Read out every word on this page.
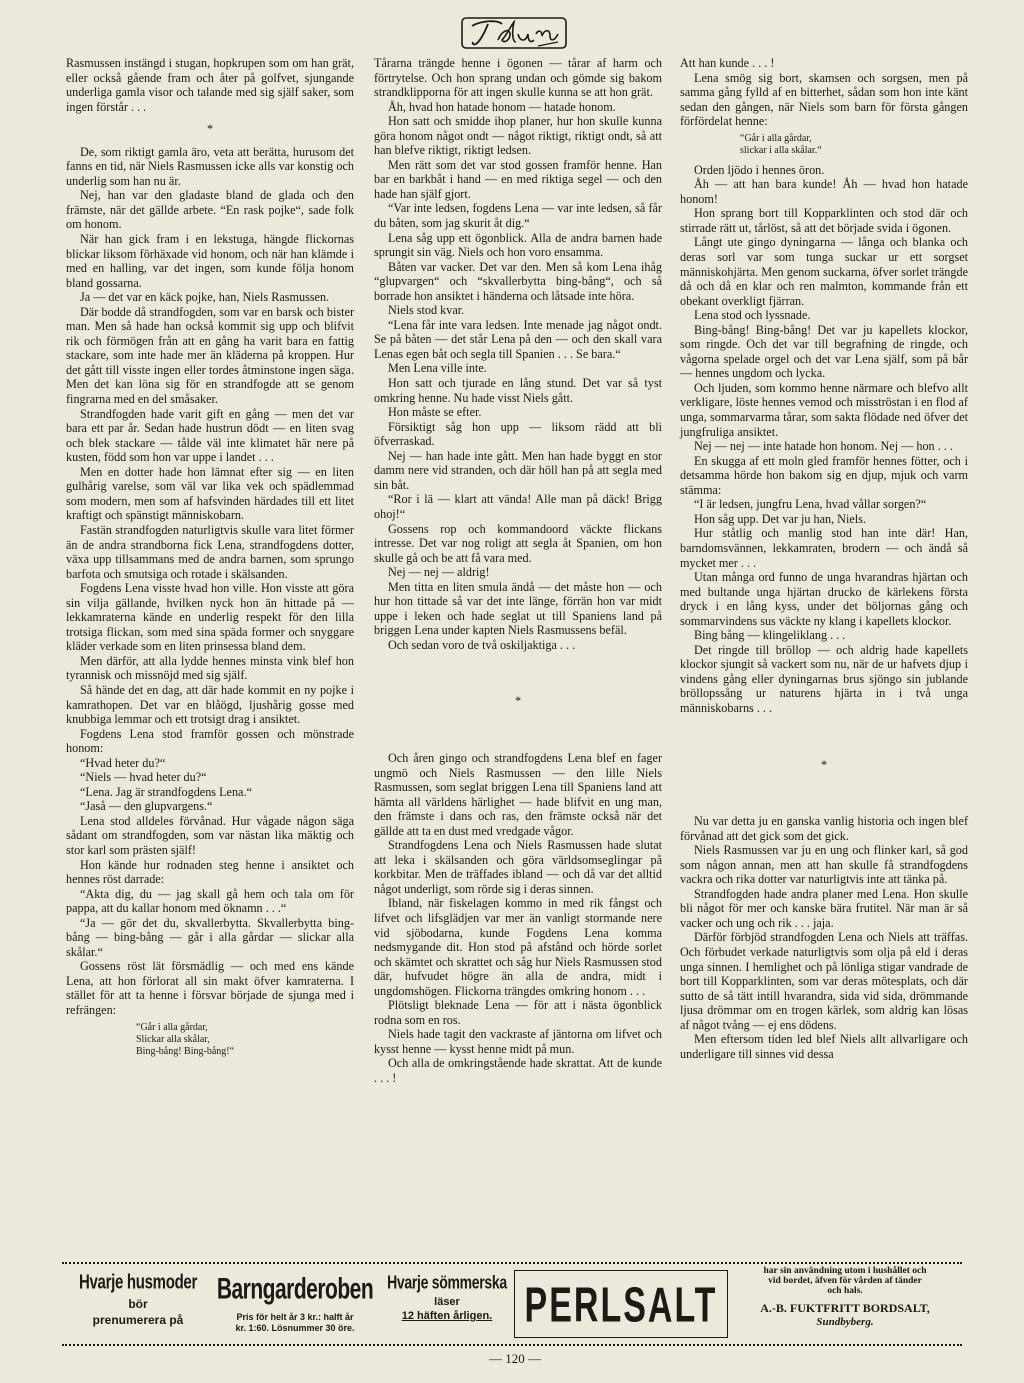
Rasmussen instängd i stugan, hopkrupen som om han grät, eller också gående fram och åter på golfvet, sjungande underliga gamla visor och talande med sig själf saker, som ingen förstår . . .

*

De, som riktigt gamla äro, veta att berätta, hurusom det fanns en tid, när Niels Rasmussen icke alls var konstig och underlig som han nu är.

Nej, han var den gladaste bland de glada och den främste, när det gällde arbete. “En rask pojke“, sade folk om honom.

När han gick fram i en lekstuga, hängde flickornas blickar liksom förhäxade vid honom, och när han klämde i med en halling, var det ingen, som kunde följa honom bland gossarna.

Ja — det var en käck pojke, han, Niels Rasmussen.

Där bodde då strandfogden, som var en barsk och bister man. Men så hade han också kommit sig upp och blifvit rik och förmögen från att en gång ha varit bara en fattig stackare, som inte hade mer än kläderna på kroppen. Hur det gått till visste ingen eller tordes åtminstone ingen säga. Men det kan löna sig för en strandfogde att se genom fingrarna med en del småsaker.

Strandfogden hade varit gift en gång — men det var bara ett par år. Sedan hade hustrun dödt — en liten svag och blek stackare — tålde väl inte klimatet här nere på kusten, född som hon var uppe i landet . . .

Men en dotter hade hon lämnat efter sig — en liten gulhårig varelse, som väl var lika vek och spädlemmad som modern, men som af hafsvinden härdades till ett litet kraftigt och spänstigt människobarn.

Fastän strandfogden naturligtvis skulle vara litet förmer än de andra strandborna fick Lena, strandfogdens dotter, växa upp tillsammans med de andra barnen, som sprungo barfota och smutsiga och rotade i skälsanden.

Fogdens Lena visste hvad hon ville. Hon visste att göra sin vilja gällande, hvilken nyck hon än hittade på — lekkamraterna kände en underlig respekt för den lilla trotsiga flickan, som med sina späda former och snyggare kläder verkade som en liten prinsessa bland dem.

Men därför, att alla lydde hennes minsta vink blef hon tyrannisk och missnöjd med sig själf.

Så hände det en dag, att där hade kommit en ny pojke i kamrathopen. Det var en blåögd, ljushårig gosse med knubbiga lemmar och ett trotsigt drag i ansiktet.

Fogdens Lena stod framför gossen och mönstrade honom:

“Hvad heter du?“

“Niels — hvad heter du?“

“Lena. Jag är strandfogdens Lena.“

“Jaså — den glupvargens.“

Lena stod alldeles förvånad. Hur vågade någon säga sådant om strandfogden, som var nästan lika mäktig och stor karl som prästen själf!

Hon kände hur rodnaden steg henne i ansiktet och hennes röst darrade:

“Akta dig, du — jag skall gå hem och tala om för pappa, att du kallar honom med öknamn . . .“

“Ja — gör det du, skvallerbytta. Skvallerbytta bing-bång — bing-bång — går i alla gårdar — slickar alla skålar.“

Gossens röst lät försmädlig — och med ens kände Lena, att hon förlorat all sin makt öfver kamraterna. I stället för att ta henne i försvar började de sjunga med i refrängen:

“Går i alla gårdar,
Slickar alla skålar,
Bing-bång! Bing-bång!“

Tårarna trängde henne i ögonen — tårar af harm och förtrytelse. Och hon sprang undan och gömde sig bakom strandklipporna för att ingen skulle kunna se att hon grät.

Åh, hvad hon hatade honom — hatade honom.

Hon satt och smidde ihop planer, hur hon skulle kunna göra honom något ondt — något riktigt, riktigt ondt, så att han blefve riktigt, riktigt ledsen.

Men rätt som det var stod gossen framför henne. Han bar en barkbåt i hand — en med riktiga segel — och den hade han själf gjort.

“Var inte ledsen, fogdens Lena — var inte ledsen, så får du båten, som jag skurit åt dig.“

Lena såg upp ett ögonblick. Alla de andra barnen hade sprungit sin väg. Niels och hon voro ensamma.

Båten var vacker. Det var den. Men så kom Lena ihåg “glupvargen“ och “skvallerbytta bing-bång“, och så borrade hon ansiktet i händerna och låtsade inte höra.

Niels stod kvar.

“Lena får inte vara ledsen. Inte menade jag något ondt. Se på båten — det står Lena på den — och den skall vara Lenas egen båt och segla till Spanien . . . Se bara.“

Men Lena ville inte.

Hon satt och tjurade en lång stund. Det var så tyst omkring henne. Nu hade visst Niels gått.

Hon måste se efter.

Försiktigt såg hon upp — liksom rädd att bli öfverraskad.

Nej — han hade inte gått. Men han hade byggt en stor damm nere vid stranden, och där höll han på att segla med sin båt.

“Ror i lä — klart att vända! Alle man på däck! Brigg ohoj!“

Gossens rop och kommandoord väckte flickans intresse. Det var nog roligt att segla åt Spanien, om hon skulle gå och be att få vara med.

Nej — nej — aldrig!

Men titta en liten smula ändå — det måste hon — och hur hon tittade så var det inte länge, förrän hon var midt uppe i leken och hade seglat ut till Spaniens land på briggen Lena under kapten Niels Rasmussens befäl.

Och sedan voro de två oskiljaktiga . . .

*

Och åren gingo och strandfogdens Lena blef en fager ungmö och Niels Rasmussen — den lille Niels Rasmussen, som seglat briggen Lena till Spaniens land att hämta all världens härlighet — hade blifvit en ung man, den främste i dans och ras, den främste också när det gällde att ta en dust med vredgade vågor.

Strandfogdens Lena och Niels Rasmussen hade slutat att leka i skälsanden och göra världsomseglingar på korkbitar. Men de träffades ibland — och då var det alltid något underligt, som rörde sig i deras sinnen.

Ibland, när fiskelagen kommo in med rik fångst och lifvet och lifsglädjen var mer än vanligt stormande nere vid sjöbodarna, kunde Fogdens Lena komma nedsmygande dit. Hon stod på afstånd och hörde sorlet och skämtet och skrattet och såg hur Niels Rasmussen stod där, hufvudet högre än alla de andra, midt i ungdomshögen. Flickorna trängdes omkring honom . . .

Plötsligt bleknade Lena — för att i nästa ögonblick rodna som en ros.

Niels hade tagit den vackraste af jäntorna om lifvet och kysst henne — kysst henne midt på mun.

Och alla de omkringstående hade skrattat. Att de kunde . . . !

Att han kunde . . . !

Lena smög sig bort, skamsen och sorgsen, men på samma gång fylld af en bitterhet, sådan som hon inte känt sedan den gången, när Niels som barn för första gången förfördelat henne:

“Går i alla gårdar,
slickar i alla skålar.“

Orden ljödo i hennes öron.

Åh — att han bara kunde! Åh — hvad hon hatade honom!

Hon sprang bort till Kopparklinten och stod där och stirrade rätt ut, tårlöst, så att det började svida i ögonen.

Långt ute gingo dyningarna — långa och blanka och deras sorl var som tunga suckar ur ett sorgset människohjärta. Men genom suckarna, öfver sorlet trängde då och då en klar och ren malmton, kommande från ett obekant overkligt fjärran.

Lena stod och lyssnade.

Bing-bång! Bing-bång! Det var ju kapellets klockor, som ringde. Och det var till begrafning de ringde, och vågorna spelade orgel och det var Lena själf, som på bår — hennes ungdom och lycka.

Och ljuden, som kommo henne närmare och blefvo allt verkligare, löste hennes vemod och misströstan i en flod af unga, sommarvarma tårar, som sakta flödade ned öfver det jungfruliga ansiktet.

Nej — nej — inte hatade hon honom. Nej — hon . . .

En skugga af ett moln gled framför hennes fötter, och i detsamma hörde hon bakom sig en djup, mjuk och varm stämma:

“I är ledsen, jungfru Lena, hvad vållar sorgen?“

Hon såg upp. Det var ju han, Niels.

Hur ståtlig och manlig stod han inte där! Han, barndomsvännen, lekkamraten, brodern — och ändå så mycket mer . . .

Utan många ord funno de unga hvarandras hjärtan och med bultande unga hjärtan drucko de kärlekens första dryck i en lång kyss, under det böljornas gång och sommarvindens sus väckte ny klang i kapellets klockor.

Bing bång — klingeliklang . . .

Det ringde till bröllop — och aldrig hade kapellets klockor sjungit så vackert som nu, när de ur hafvets djup i vindens gång eller dyningarnas brus sjöngo sin jublande bröllopssång ur naturens hjärta in i två unga människobarns . . .

*

Nu var detta ju en ganska vanlig historia och ingen blef förvånad att det gick som det gick.

Niels Rasmussen var ju en ung och flinker karl, så god som någon annan, men att han skulle få strandfogdens vackra och rika dotter var naturligtvis inte att tänka på.

Strandfogden hade andra planer med Lena. Hon skulle bli något för mer och kanske bära frutitel. När man är så vacker och ung och rik . . . jaja.

Därför förbjöd strandfogden Lena och Niels att träffas. Och förbudet verkade naturligtvis som olja på eld i deras unga sinnen. I hemlighet och på lönliga stigar vandrade de bort till Kopparklinten, som var deras mötesplats, och där sutto de så tätt intill hvarandra, sida vid sida, drömmande ljusa drömmar om en trogen kärlek, som aldrig kan lösas af något tvång — ej ens dödens.

Men eftersom tiden led blef Niels allt allvarligare och underligare till sinnes vid dessa

— 120 —
Hvarje husmoder
bör
prenumerera på
Barngarderoben
Pris för helt år 3 kr.: halft år
kr. 1:60. Lösnummer 30 öre.
Hvarje sömmerska
läser
12 häften årligen. PERLSALT
har sin användning utom i hushållet och
vid bordet, äfven för vården af tänder
och hals.
A.-B. FUKTFRITT BORDSALT,
Sundbyberg.
